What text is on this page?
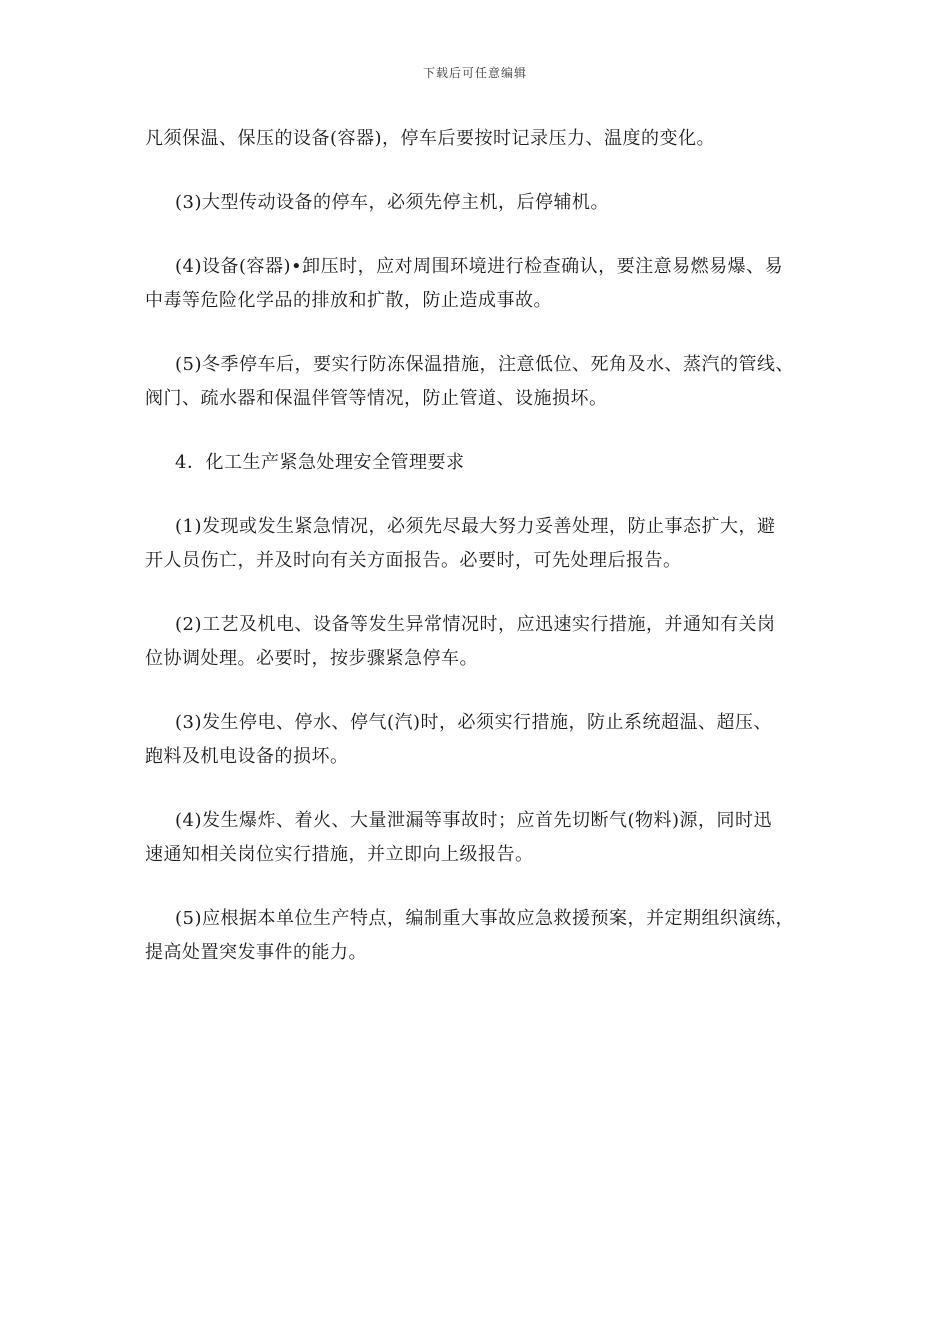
下载后可任意编辑

凡须保温、保压的设备(容器)，停车后要按时记录压力、温度的变化。

(3)大型传动设备的停车，必须先停主机，后停辅机。

(4)设备(容器)•卸压时，应对周围环境进行检查确认，要注意易燃易爆、易
中毒等危险化学品的排放和扩散，防止造成事故。

(5)冬季停车后，要实行防冻保温措施，注意低位、死角及水、蒸汽的管线、
阀门、疏水器和保温伴管等情况，防止管道、设施损坏。

4．化工生产紧急处理安全管理要求

(1)发现或发生紧急情况，必须先尽最大努力妥善处理，防止事态扩大，避
开人员伤亡，并及时向有关方面报告。必要时，可先处理后报告。

(2)工艺及机电、设备等发生异常情况时，应迅速实行措施，并通知有关岗
位协调处理。必要时，按步骤紧急停车。

(3)发生停电、停水、停气(汽)时，必须实行措施，防止系统超温、超压、
跑料及机电设备的损坏。

(4)发生爆炸、着火、大量泄漏等事故时；应首先切断气(物料)源，同时迅
速通知相关岗位实行措施，并立即向上级报告。

(5)应根据本单位生产特点，编制重大事故应急救援预案，并定期组织演练，
提高处置突发事件的能力。
